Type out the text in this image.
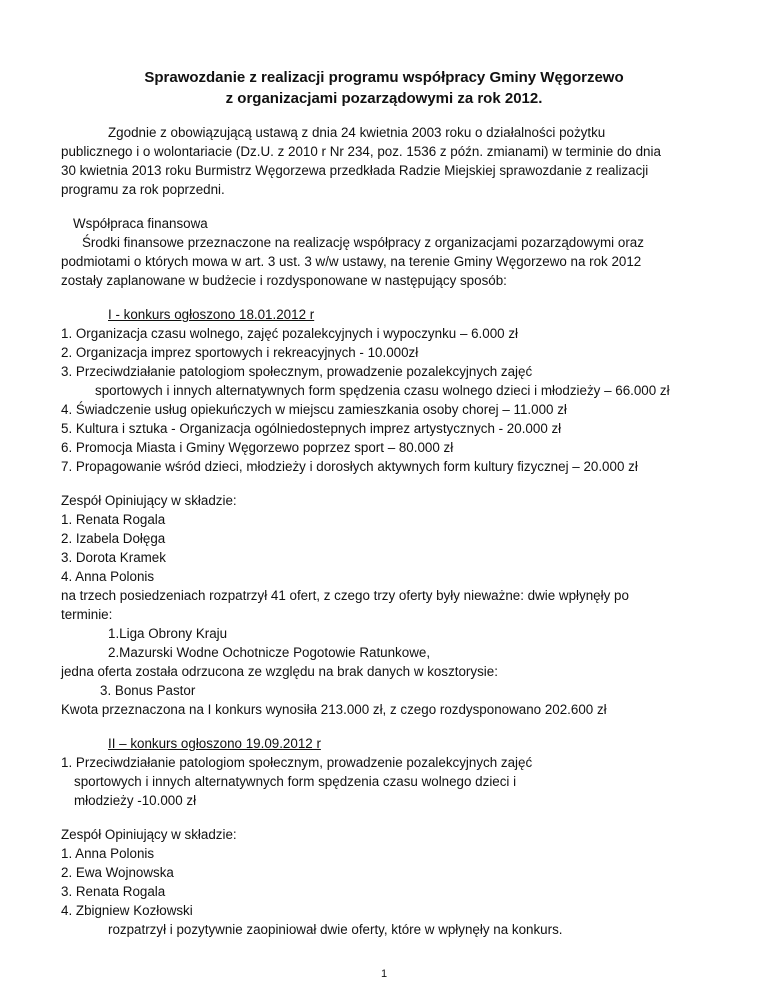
Sprawozdanie z realizacji programu współpracy Gminy Węgorzewo
z organizacjami pozarządowymi za rok 2012.
Zgodnie z obowiązującą ustawą z dnia 24 kwietnia 2003 roku o działalności pożytku
publicznego i o wolontariacie (Dz.U. z 2010 r Nr 234, poz. 1536 z późn. zmianami) w terminie do dnia
30 kwietnia 2013 roku Burmistrz Węgorzewa przedkłada Radzie Miejskiej sprawozdanie z realizacji
programu za rok poprzedni.
Współpraca finansowa
Środki finansowe przeznaczone na realizację współpracy z organizacjami pozarządowymi oraz
podmiotami o których mowa w art. 3 ust. 3 w/w ustawy, na terenie Gminy Węgorzewo na rok 2012
zostały zaplanowane w budżecie i rozdysponowane w następujący sposób:
I - konkurs ogłoszono 18.01.2012 r
1. Organizacja czasu wolnego, zajęć pozalekcyjnych i wypoczynku – 6.000 zł
2. Organizacja imprez sportowych i rekreacyjnych - 10.000zł
3. Przeciwdziałanie patologiom społecznym, prowadzenie pozalekcyjnych zajęć
sportowych i innych alternatywnych form spędzenia czasu wolnego dzieci i młodzieży – 66.000 zł
4. Świadczenie usług opiekuńczych w miejscu zamieszkania osoby chorej – 11.000 zł
5. Kultura i sztuka - Organizacja ogólniedostepnych imprez artystycznych - 20.000 zł
6. Promocja Miasta i Gminy Węgorzewo poprzez sport – 80.000 zł
7. Propagowanie wśród dzieci, młodzieży i dorosłych aktywnych form kultury fizycznej – 20.000 zł
Zespół Opiniujący w składzie:
1. Renata Rogala
2. Izabela Dołęga
3. Dorota Kramek
4. Anna Polonis
na trzech posiedzeniach rozpatrzył 41 ofert, z czego trzy oferty były nieważne: dwie wpłynęły po
terminie:
1.Liga Obrony Kraju
2.Mazurski Wodne Ochotnicze Pogotowie Ratunkowe,
jedna oferta została odrzucona ze względu na brak danych w kosztorysie:
3. Bonus Pastor
Kwota przeznaczona na I konkurs wynosiła 213.000 zł, z czego rozdysponowano 202.600 zł
II – konkurs ogłoszono 19.09.2012 r
1. Przeciwdziałanie patologiom społecznym, prowadzenie pozalekcyjnych zajęć
sportowych i innych alternatywnych form spędzenia czasu wolnego dzieci i
młodzieży -10.000 zł
Zespół Opiniujący w składzie:
1. Anna Polonis
2. Ewa Wojnowska
3. Renata Rogala
4. Zbigniew Kozłowski
rozpatrzył i pozytywnie zaopiniował dwie oferty, które w wpłynęły na konkurs.
1
